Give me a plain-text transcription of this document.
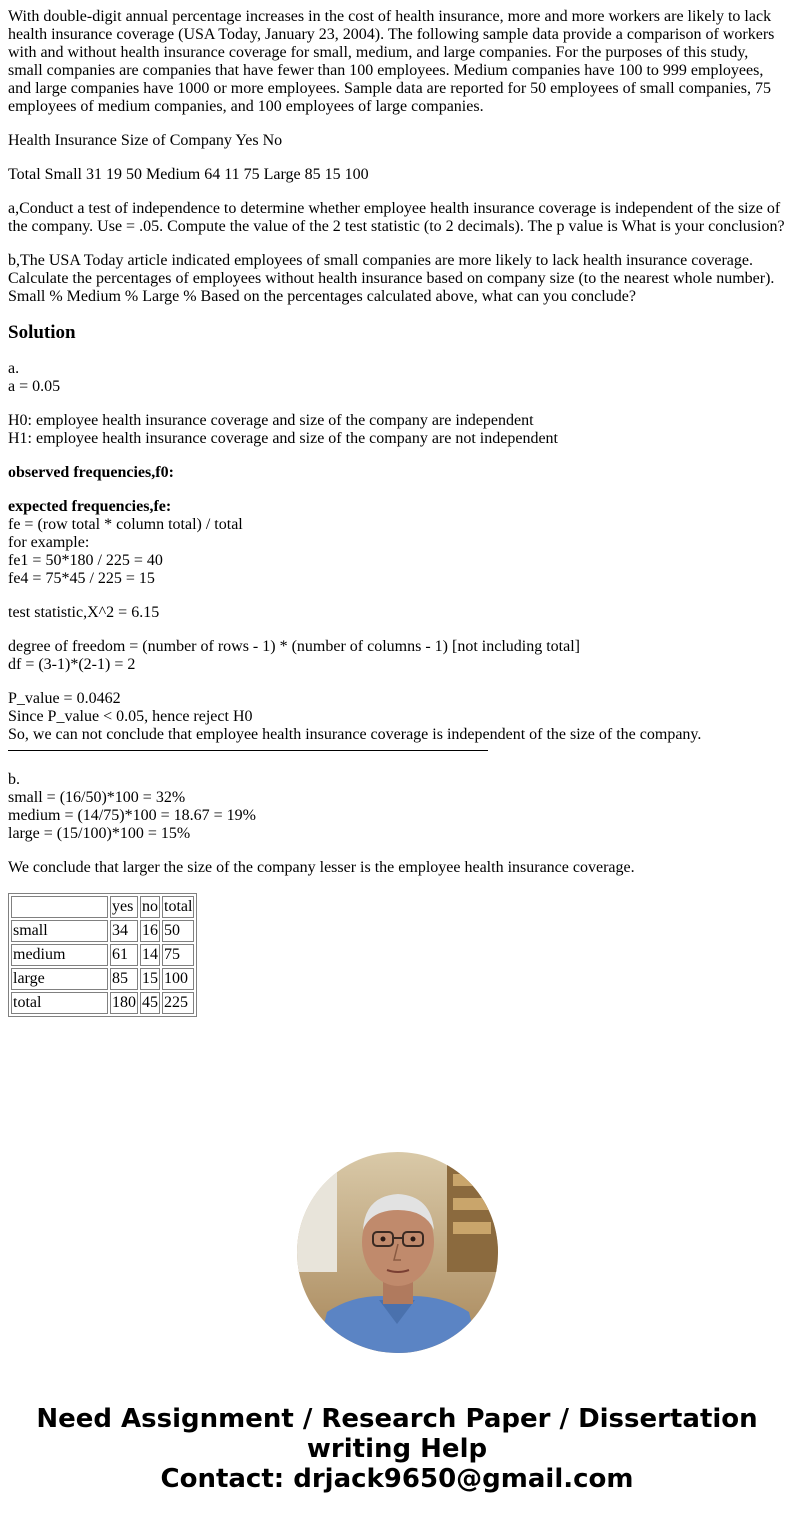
With double-digit annual percentage increases in the cost of health insurance, more and more workers are likely to lack health insurance coverage (USA Today, January 23, 2004). The following sample data provide a comparison of workers with and without health insurance coverage for small, medium, and large companies. For the purposes of this study, small companies are companies that have fewer than 100 employees. Medium companies have 100 to 999 employees, and large companies have 1000 or more employees. Sample data are reported for 50 employees of small companies, 75 employees of medium companies, and 100 employees of large companies.

Health Insurance Size of Company Yes No

Total Small 31 19 50 Medium 64 11 75 Large 85 15 100

a,Conduct a test of independence to determine whether employee health insurance coverage is independent of the size of the company. Use = .05. Compute the value of the 2 test statistic (to 2 decimals). The p value is What is your conclusion?

b,The USA Today article indicated employees of small companies are more likely to lack health insurance coverage. Calculate the percentages of employees without health insurance based on company size (to the nearest whole number). Small % Medium % Large % Based on the percentages calculated above, what can you conclude?

Solution

a.
a = 0.05

H0: employee health insurance coverage and size of the company are independent
H1: employee health insurance coverage and size of the company are not independent

observed frequencies,f0:

expected frequencies,fe:
fe = (row total * column total) / total
for example:
fe1 = 50*180 / 225 = 40
fe4 = 75*45 / 225 = 15

test statistic,X^2 = 6.15

degree of freedom = (number of rows - 1) * (number of columns - 1) [not including total]
df = (3-1)*(2-1) = 2

P_value = 0.0462
Since P_value < 0.05, hence reject H0
So, we can not conclude that employee health insurance coverage is independent of the size of the company.

b.
small = (16/50)*100 = 32%
medium = (14/75)*100 = 18.67 = 19%
large = (15/100)*100 = 15%

We conclude that larger the size of the company lesser is the employee health insurance coverage.

	yes	no	total
small	34	16	50
medium	61	14	75
large	85	15	100
total	180	45	225
Need Assignment / Research Paper / Dissertation
writing Help
Contact: drjack9650@gmail.com
